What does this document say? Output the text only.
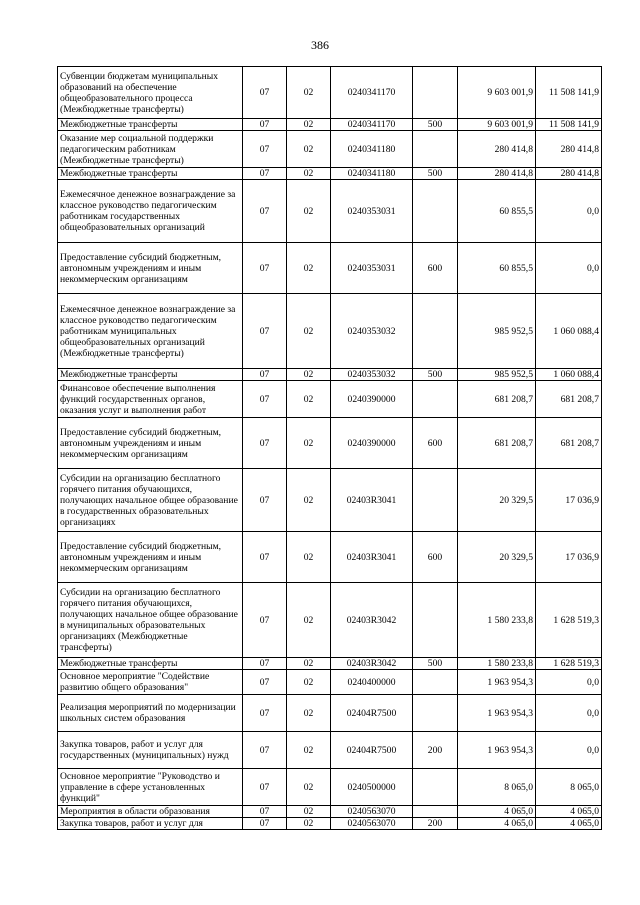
386
Субвенции бюджетам муниципальных образований на обеспечение общеобразовательного процесса (Межбюджетные трансферты)	07	02	0240341170		9 603 001,9	11 508 141,9
Межбюджетные трансферты	07	02	0240341170	500	9 603 001,9	11 508 141,9
Оказание мер социальной поддержки педагогическим работникам (Межбюджетные трансферты)	07	02	0240341180		280 414,8	280 414,8
Межбюджетные трансферты	07	02	0240341180	500	280 414,8	280 414,8
Ежемесячное денежное вознаграждение за классное руководство педагогическим работникам государственных общеобразовательных организаций	07	02	0240353031		60 855,5	0,0
Предоставление субсидий бюджетным, автономным учреждениям и иным некоммерческим организациям	07	02	0240353031	600	60 855,5	0,0
Ежемесячное денежное вознаграждение за классное руководство педагогическим работникам муниципальных общеобразовательных организаций (Межбюджетные трансферты)	07	02	0240353032		985 952,5	1 060 088,4
Межбюджетные трансферты	07	02	0240353032	500	985 952,5	1 060 088,4
Финансовое обеспечение выполнения функций государственных органов, оказания услуг и выполнения работ	07	02	0240390000		681 208,7	681 208,7
Предоставление субсидий бюджетным, автономным учреждениям и иным некоммерческим организациям	07	02	0240390000	600	681 208,7	681 208,7
Субсидии на организацию бесплатного горячего питания обучающихся, получающих начальное общее образование в государственных образовательных организациях	07	02	02403R3041		20 329,5	17 036,9
Предоставление субсидий бюджетным, автономным учреждениям и иным некоммерческим организациям	07	02	02403R3041	600	20 329,5	17 036,9
Субсидии на организацию бесплатного горячего питания обучающихся, получающих начальное общее образование в муниципальных образовательных организациях (Межбюджетные трансферты)	07	02	02403R3042		1 580 233,8	1 628 519,3
Межбюджетные трансферты	07	02	02403R3042	500	1 580 233,8	1 628 519,3
Основное мероприятие "Содействие развитию общего образования"	07	02	0240400000		1 963 954,3	0,0
Реализация мероприятий по модернизации школьных систем образования	07	02	02404R7500		1 963 954,3	0,0
Закупка товаров, работ и услуг для государственных (муниципальных) нужд	07	02	02404R7500	200	1 963 954,3	0,0
Основное мероприятие "Руководство и управление в сфере установленных функций"	07	02	0240500000		8 065,0	8 065,0
Мероприятия в области образования	07	02	0240563070		4 065,0	4 065,0
Закупка товаров, работ и услуг для	07	02	0240563070	200	4 065,0	4 065,0
